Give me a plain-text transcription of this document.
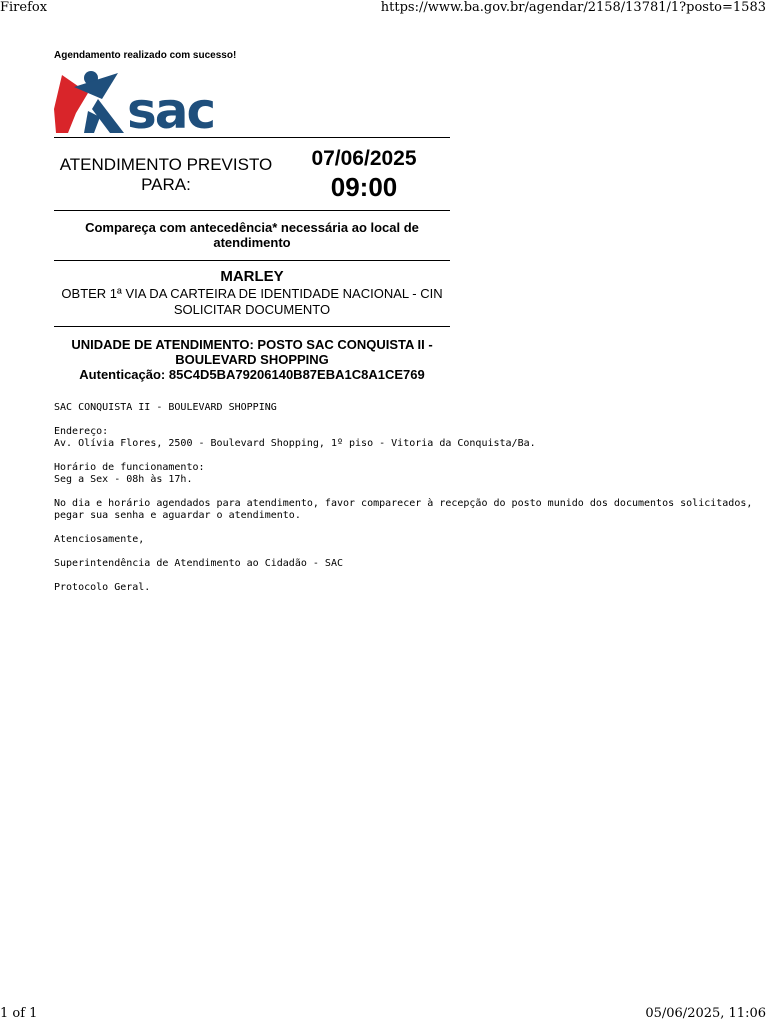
Firefox	https://www.ba.gov.br/agendar/2158/13781/1?posto=1583

Agendamento realizado com sucesso!

sac
ATENDIMENTO PREVISTO
PARA:
07/06/2025
09:00
Compareça com antecedência* necessária ao local de atendimento
MARLEY
OBTER 1ª VIA DA CARTEIRA DE IDENTIDADE NACIONAL - CIN SOLICITAR DOCUMENTO
UNIDADE DE ATENDIMENTO: POSTO SAC CONQUISTA II - BOULEVARD SHOPPING
Autenticação: 85C4D5BA79206140B87EBA1C8A1CE769

SAC CONQUISTA II - BOULEVARD SHOPPING

Endereço:
Av. Olívia Flores, 2500 - Boulevard Shopping, 1º piso - Vitoria da Conquista/Ba.

Horário de funcionamento:
Seg a Sex - 08h às 17h.

No dia e horário agendados para atendimento, favor comparecer à recepção do posto munido dos documentos solicitados, pegar sua senha e aguardar o atendimento.

Atenciosamente,

Superintendência de Atendimento ao Cidadão - SAC

Protocolo Geral.

1 of 1	05/06/2025, 11:06
